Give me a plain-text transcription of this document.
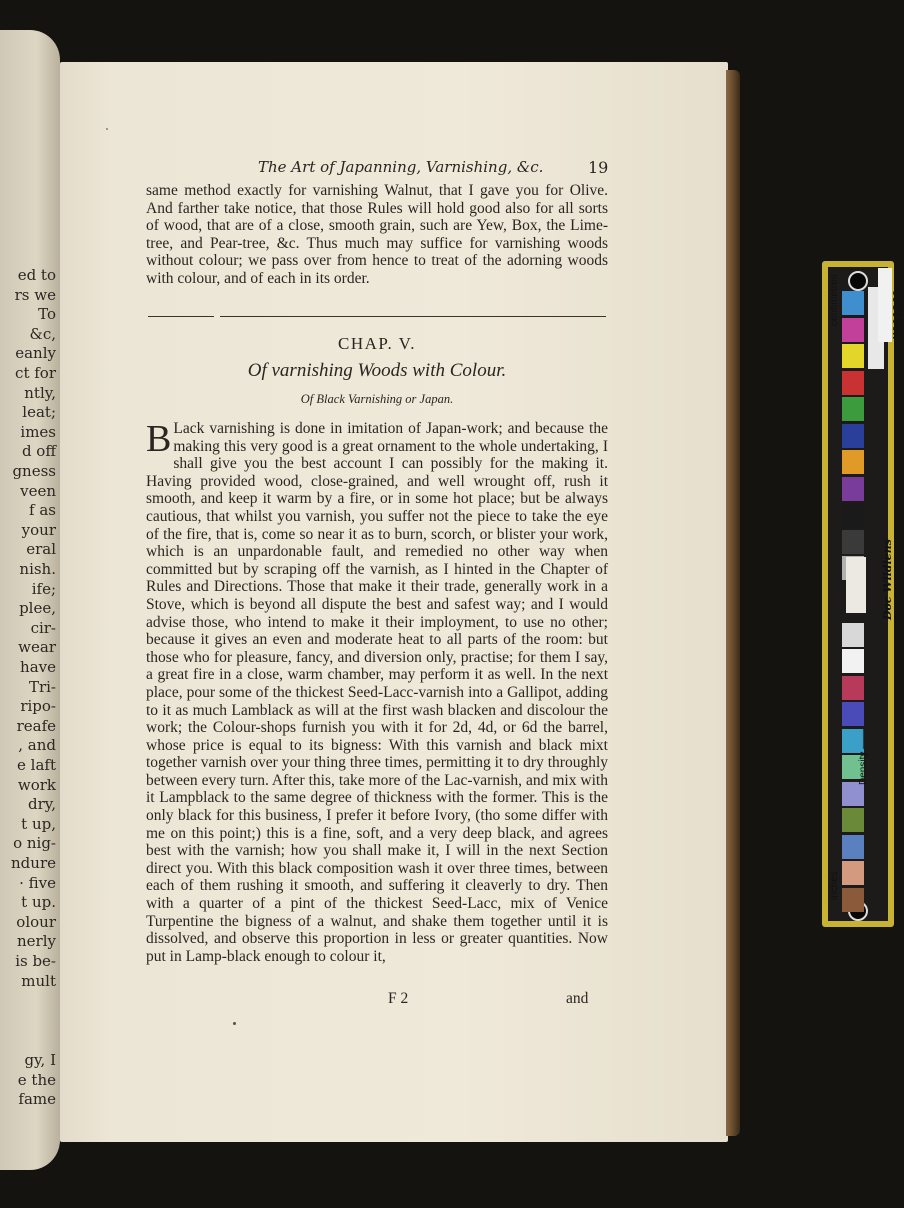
ed to
rs we
To
&c,
eanly
ct for
ntly,
leat;
imes
d off
gness
veen
f as
your
eral
nish.
ife;
plee,
cir-
wear
have
Tri-
ripo-
reafe
, and
e laft
work
dry,
t up,
o nig-
ndure
· five
t up.
olour
nerly
is be-
mult
gy, I
e the
fame
The Art of Japanning, Varnishing, &c.	19
same method exactly for varnishing Walnut, that I gave you for Olive. And farther take notice, that those Rules will hold good also for all sorts of wood, that are of a close, smooth grain, such are Yew, Box, the Lime-tree, and Pear-tree, &c. Thus much may suffice for varnishing woods without colour; we pass over from hence to treat of the adorning woods with colour, and of each in its order.
CHAP. V.
Of varnishing Woods with Colour.
Of Black Varnishing or Japan.
B Lack varnishing is done in imitation of Japan-work; and because the making this very good is a great ornament to the whole undertaking, I shall give you the best account I can possibly for the making it. Having provided wood, close-grained, and well wrought off, rush it smooth, and keep it warm by a fire, or in some hot place; but be always cautious, that whilst you varnish, you suffer not the piece to take the eye of the fire, that is, come so near it as to burn, scorch, or blister your work, which is an unpardonable fault, and remedied no other way when committed but by scraping off the varnish, as I hinted in the Chapter of Rules and Directions. Those that make it their trade, generally work in a Stove, which is beyond all dispute the best and safest way; and I would advise those, who intend to make it their imployment, to use no other; because it gives an even and moderate heat to all parts of the room: but those who for pleasure, fancy, and diversion only, practise; for them I say, a great fire in a close, warm chamber, may perform it as well. In the next place, pour some of the thickest Seed-Lacc-varnish into a Gallipot, adding to it as much Lamblack as will at the first wash blacken and discolour the work; the Colour-shops furnish you with it for 2d, 4d, or 6d the barrel, whose price is equal to its bigness: With this varnish and black mixt together varnish over your thing three times, permitting it to dry throughly between every turn. After this, take more of the Lac-varnish, and mix with it Lampblack to the same degree of thickness with the former. This is the only black for this business, I prefer it before Ivory, (tho some differ with me on this point;) this is a fine, soft, and a very deep black, and agrees best with the varnish; how you shall make it, I will in the next Section direct you. With this black composition wash it over three times, between each of them rushing it smooth, and suffering it cleaverly to dry. Then with a quarter of a pint of the thickest Seed-Lacc, mix of Venice Turpentine the bigness of a walnut, and shake them together until it is dissolved, and observe this proportion in less or greater quantities. Now put in Lamp-black enough to colour it,
F 2	and
M001369
centimetres
inches
Density ——
Doc Wildlens
